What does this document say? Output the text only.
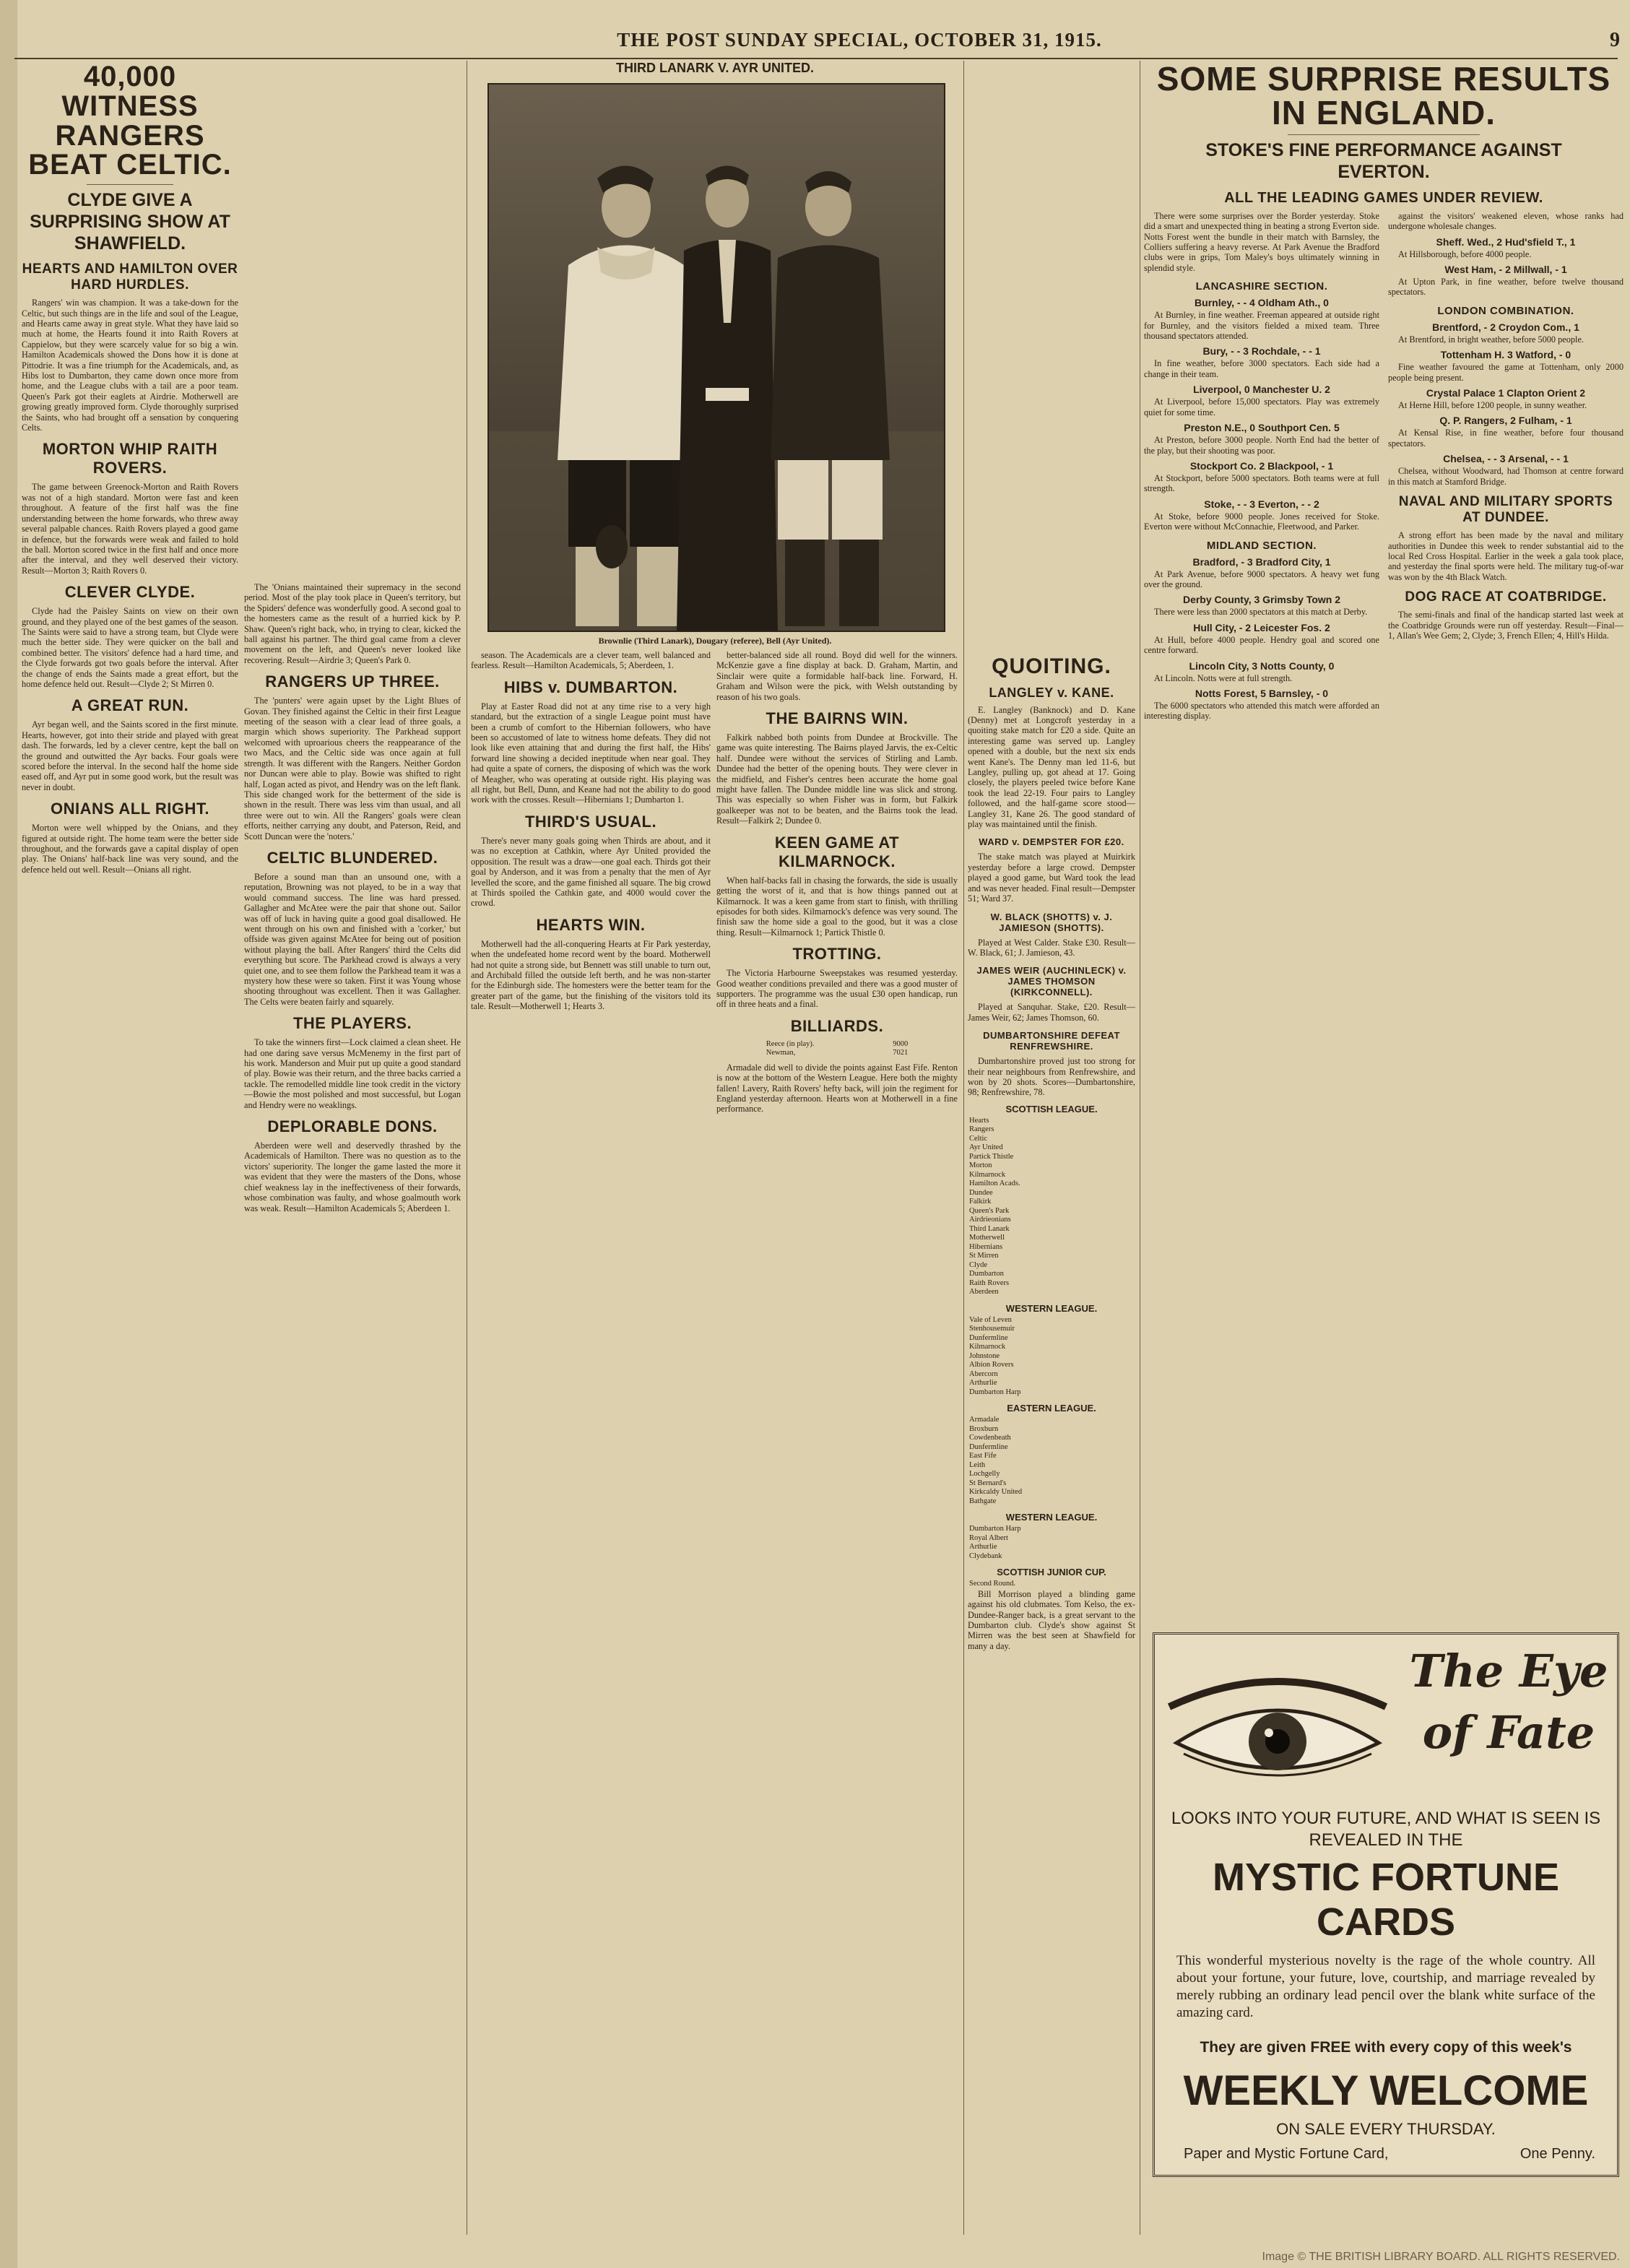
THE POST SUNDAY SPECIAL, OCTOBER 31, 1915.	9
40,000 WITNESS RANGERS BEAT CELTIC.
CLYDE GIVE A SURPRISING SHOW AT SHAWFIELD.
HEARTS AND HAMILTON OVER HARD HURDLES.

Rangers' win was champion. It was a take-down for the Celtic, but such things are in the life and soul of the League, and Hearts came away in great style. What they have laid so much at home, the Hearts found it into Raith Rovers at Cappielow, but they were scarcely value for so big a win. Hamilton Academicals showed the Dons how it is done at Pittodrie. It was a fine triumph for the Academicals, and, as Hibs lost to Dumbarton, they came down once more from home, and the League clubs with a tail are a poor team. Queen's Park got their eaglets at Airdrie. Motherwell are growing greatly improved form. Clyde thoroughly surprised the Saints, who had brought off a sensation by conquering Celts.

MORTON WHIP RAITH ROVERS.

The game between Greenock-Morton and Raith Rovers was not of a high standard. Morton were fast and keen throughout. A feature of the first half was the fine understanding between the home forwards, who threw away several palpable chances. Raith Rovers played a good game in defence, but the forwards were weak and failed to hold the ball. Morton scored twice in the first half and once more after the interval, and they well deserved their victory. Result—Morton 3; Raith Rovers 0.

CLEVER CLYDE.

Clyde had the Paisley Saints on view on their own ground, and they played one of the best games of the season. The Saints were said to have a strong team, but Clyde were much the better side. They were quicker on the ball and combined better. The visitors' defence had a hard time, and the Clyde forwards got two goals before the interval. After the change of ends the Saints made a great effort, but the home defence held out. Result—Clyde 2; St Mirren 0.

A GREAT RUN.

Ayr began well, and the Saints scored in the first minute. Hearts, however, got into their stride and played with great dash. The forwards, led by a clever centre, kept the ball on the ground and outwitted the Ayr backs. Four goals were scored before the interval. In the second half the home side eased off, and Ayr put in some good work, but the result was never in doubt.

ONIANS ALL RIGHT.

Morton were well whipped by the Onians, and they figured at outside right. The home team were the better side throughout, and the forwards gave a capital display of open play. The Onians' half-back line was very sound, and the defence held out well. Result—Onians all right.

The 'Onians maintained their supremacy in the second period. Most of the play took place in Queen's territory, but the Spiders' defence was wonderfully good. A second goal to the homesters came as the result of a hurried kick by P. Shaw. Queen's right back, who, in trying to clear, kicked the ball against his partner. The third goal came from a clever movement on the left, and Queen's never looked like recovering. Result—Airdrie 3; Queen's Park 0.

RANGERS UP THREE.

The 'punters' were again upset by the Light Blues of Govan. They finished against the Celtic in their first League meeting of the season with a clear lead of three goals, a margin which shows superiority. The Parkhead support welcomed with uproarious cheers the reappearance of the two Macs, and the Celtic side was once again at full strength. It was different with the Rangers. Neither Gordon nor Duncan were able to play. Bowie was shifted to right half, Logan acted as pivot, and Hendry was on the left flank. This side changed work for the betterment of the side is shown in the result. There was less vim than usual, and all three were out to win. All the Rangers' goals were clean efforts, neither carrying any doubt, and Paterson, Reid, and Scott Duncan were the 'noters.'

CELTIC BLUNDERED.

Before a sound man than an unsound one, with a reputation, Browning was not played, to be in a way that would command success. The line was hard pressed. Gallagher and McAtee were the pair that shone out. Sailor was off of luck in having quite a good goal disallowed. He went through on his own and finished with a 'corker,' but offside was given against McAtee for being out of position without playing the ball. After Rangers' third the Celts did everything but score. The Parkhead crowd is always a very quiet one, and to see them follow the Parkhead team it was a mystery how these were so taken. First it was Young whose shooting throughout was excellent. Then it was Gallagher. The Celts were beaten fairly and squarely.

THE PLAYERS.

To take the winners first—Lock claimed a clean sheet. He had one daring save versus McMenemy in the first part of his work. Manderson and Muir put up quite a good standard of play. Bowie was their return, and the three backs carried a tackle. The remodelled middle line took credit in the victory—Bowie the most polished and most successful, but Logan and Hendry were no weaklings.

DEPLORABLE DONS.

Aberdeen were well and deservedly thrashed by the Academicals of Hamilton. There was no question as to the victors' superiority. The longer the game lasted the more it was evident that they were the masters of the Dons, whose chief weakness lay in the ineffectiveness of their forwards, whose combination was faulty, and whose goalmouth work was weak. Result—Hamilton Academicals 5; Aberdeen 1.

THIRD LANARK V. AYR UNITED.
Brownlie (Third Lanark), Dougary (referee), Bell (Ayr United).

season. The Academicals are a clever team, well balanced and fearless. Result—Hamilton Academicals, 5; Aberdeen, 1.

HIBS v. DUMBARTON.

Play at Easter Road did not at any time rise to a very high standard, but the extraction of a single League point must have been a crumb of comfort to the Hibernian followers, who have been so accustomed of late to witness home defeats. They did not look like even attaining that and during the first half, the Hibs' forward line showing a decided ineptitude when near goal. They had quite a spate of corners, the disposing of which was the work of Meagher, who was operating at outside right. His playing was all right, but Bell, Dunn, and Keane had not the ability to do good work with the crosses. Result—Hibernians 1; Dumbarton 1.

THIRD'S USUAL.

There's never many goals going when Thirds are about, and it was no exception at Cathkin, where Ayr United provided the opposition. The result was a draw—one goal each. Thirds got their goal by Anderson, and it was from a penalty that the men of Ayr levelled the score, and the game finished all square. The big crowd at Thirds spoiled the Cathkin gate, and 4000 would cover the crowd.

HEARTS WIN.

Motherwell had the all-conquering Hearts at Fir Park yesterday, when the undefeated home record went by the board. Motherwell had not quite a strong side, but Bennett was still unable to turn out, and Archibald filled the outside left berth, and he was non-starter for the Edinburgh side. The homesters were the better team for the greater part of the game, but the finishing of the visitors told its tale. Result—Motherwell 1; Hearts 3.

better-balanced side all round. Boyd did well for the winners. McKenzie gave a fine display at back. D. Graham, Martin, and Sinclair were quite a formidable half-back line. Forward, H. Graham and Wilson were the pick, with Welsh outstanding by reason of his two goals.

THE BAIRNS WIN.

Falkirk nabbed both points from Dundee at Brockville. The game was quite interesting. The Bairns played Jarvis, the ex-Celtic half. Dundee were without the services of Stirling and Lamb. Dundee had the better of the opening bouts. They were clever in the midfield, and Fisher's centres been accurate the home goal might have fallen. The Dundee middle line was slick and strong. This was especially so when Fisher was in form, but Falkirk goalkeeper was not to be beaten, and the Bairns took the lead. Result—Falkirk 2; Dundee 0.

KEEN GAME AT KILMARNOCK.

When half-backs fall in chasing the forwards, the side is usually getting the worst of it, and that is how things panned out at Kilmarnock. It was a keen game from start to finish, with thrilling episodes for both sides. Kilmarnock's defence was very sound. The finish saw the home side a goal to the good, but it was a close thing. Result—Kilmarnock 1; Partick Thistle 0.

TROTTING.

The Victoria Harbourne Sweepstakes was resumed yesterday. Good weather conditions prevailed and there was a good muster of supporters. The programme was the usual £30 open handicap, run off in three heats and a final.

BILLIARDS.
Reece (in play).	9000
Newman,	7021

Armadale did well to divide the points against East Fife. Renton is now at the bottom of the Western League. Here both the mighty fallen! Lavery, Raith Rovers' hefty back, will join the regiment for England yesterday afternoon. Hearts won at Motherwell in a fine performance.

QUOITING.
LANGLEY v. KANE.

E. Langley (Banknock) and D. Kane (Denny) met at Longcroft yesterday in a quoiting stake match for £20 a side. Quite an interesting game was served up. Langley opened with a double, but the next six ends went Kane's. The Denny man led 11-6, but Langley, pulling up, got ahead at 17. Going closely, the players peeled twice before Kane took the lead 22-19. Four pairs to Langley followed, and the half-game score stood—Langley 31, Kane 26. The good standard of play was maintained until the finish.

WARD v. DEMPSTER FOR £20.

The stake match was played at Muirkirk yesterday before a large crowd. Dempster played a good game, but Ward took the lead and was never headed. Final result—Dempster 51; Ward 37.

W. BLACK (SHOTTS) v. J. JAMIESON (SHOTTS).

Played at West Calder. Stake £30. Result—W. Black, 61; J. Jamieson, 43.

JAMES WEIR (AUCHINLECK) v. JAMES THOMSON (KIRKCONNELL).

Played at Sanquhar. Stake, £20. Result—James Weir, 62; James Thomson, 60.

DUMBARTONSHIRE DEFEAT RENFREWSHIRE.

Dumbartonshire proved just too strong for their near neighbours from Renfrewshire, and won by 20 shots. Scores—Dumbartonshire, 98; Renfrewshire, 78.

SCOTTISH LEAGUE.
Hearts
Rangers
Celtic
Ayr United
Partick Thistle
Morton
Kilmarnock
Hamilton Acads.
Dundee
Falkirk
Queen's Park
Airdrieonians
Third Lanark
Motherwell
Hibernians
St Mirren
Clyde
Dumbarton
Raith Rovers
Aberdeen
WESTERN LEAGUE.
Vale of Leven
Stenhousemuir
Dunfermline
Kilmarnock
Johnstone
Albion Rovers
Abercorn
Arthurlie
Dumbarton Harp
EASTERN LEAGUE.
Armadale
Broxburn
Cowdenbeath
Dunfermline
East Fife
Leith
Lochgelly
St Bernard's
Kirkcaldy United
Bathgate
WESTERN LEAGUE.
Dumbarton Harp
Royal Albert
Arthurlie
Clydebank
SCOTTISH JUNIOR CUP.
Second Round.

Bill Morrison played a blinding game against his old clubmates. Tom Kelso, the ex-Dundee-Ranger back, is a great servant to the Dumbarton club. Clyde's show against St Mirren was the best seen at Shawfield for many a day.

SOME SURPRISE RESULTS IN ENGLAND.
STOKE'S FINE PERFORMANCE AGAINST EVERTON.
ALL THE LEADING GAMES UNDER REVIEW.

There were some surprises over the Border yesterday. Stoke did a smart and unexpected thing in beating a strong Everton side. Notts Forest went the bundle in their match with Barnsley, the Colliers suffering a heavy reverse. At Park Avenue the Bradford clubs were in grips, Tom Maley's boys ultimately winning in splendid style.

LANCASHIRE SECTION.
Burnley, - - 4 Oldham Ath., 0

At Burnley, in fine weather. Freeman appeared at outside right for Burnley, and the visitors fielded a mixed team. Three thousand spectators attended.

Bury, - - 3 Rochdale, - - 1

In fine weather, before 3000 spectators. Each side had a change in their team.

Liverpool, 0 Manchester U. 2

At Liverpool, before 15,000 spectators. Play was extremely quiet for some time.

Preston N.E., 0 Southport Cen. 5

At Preston, before 3000 people. North End had the better of the play, but their shooting was poor.

Stockport Co. 2 Blackpool, - 1

At Stockport, before 5000 spectators. Both teams were at full strength.

Stoke, - - 3 Everton, - - 2

At Stoke, before 9000 people. Jones received for Stoke. Everton were without McConnachie, Fleetwood, and Parker.

MIDLAND SECTION.
Bradford, - 3 Bradford City, 1

At Park Avenue, before 9000 spectators. A heavy wet fung over the ground.

Derby County, 3 Grimsby Town 2

There were less than 2000 spectators at this match at Derby.

Hull City, - 2 Leicester Fos. 2

At Hull, before 4000 people. Hendry goal and scored one centre forward.

Lincoln City, 3 Notts County, 0

At Lincoln. Notts were at full strength.

Notts Forest, 5 Barnsley, - 0

The 6000 spectators who attended this match were afforded an interesting display.

against the visitors' weakened eleven, whose ranks had undergone wholesale changes.

Sheff. Wed., 2 Hud'sfield T., 1

At Hillsborough, before 4000 people.

West Ham, - 2 Millwall, - 1

At Upton Park, in fine weather, before twelve thousand spectators.

LONDON COMBINATION.
Brentford, - 2 Croydon Com., 1

At Brentford, in bright weather, before 5000 people.

Tottenham H. 3 Watford, - 0

Fine weather favoured the game at Tottenham, only 2000 people being present.

Crystal Palace 1 Clapton Orient 2

At Herne Hill, before 1200 people, in sunny weather.

Q. P. Rangers, 2 Fulham, - 1

At Kensal Rise, in fine weather, before four thousand spectators.

Chelsea, - - 3 Arsenal, - - 1

Chelsea, without Woodward, had Thomson at centre forward in this match at Stamford Bridge.

NAVAL AND MILITARY SPORTS AT DUNDEE.

A strong effort has been made by the naval and military authorities in Dundee this week to render substantial aid to the local Red Cross Hospital. Earlier in the week a gala took place, and yesterday the final sports were held. The military tug-of-war was won by the 4th Black Watch.

DOG RACE AT COATBRIDGE.

The semi-finals and final of the handicap started last week at the Coatbridge Grounds were run off yesterday. Result—Final—1, Allan's Wee Gem; 2, Clyde; 3, French Ellen; 4, Hill's Hilda.

The Eye
of Fate
LOOKS INTO YOUR FUTURE, AND WHAT IS SEEN IS REVEALED IN THE
MYSTIC FORTUNE CARDS
This wonderful mysterious novelty is the rage of the whole country. All about your fortune, your future, love, courtship, and marriage revealed by merely rubbing an ordinary lead pencil over the blank white surface of the amazing card.
They are given FREE with every copy of this week's
WEEKLY WELCOME
ON SALE EVERY THURSDAY.
Paper and Mystic Fortune Card,	One Penny.
Image © THE BRITISH LIBRARY BOARD. ALL RIGHTS RESERVED.
